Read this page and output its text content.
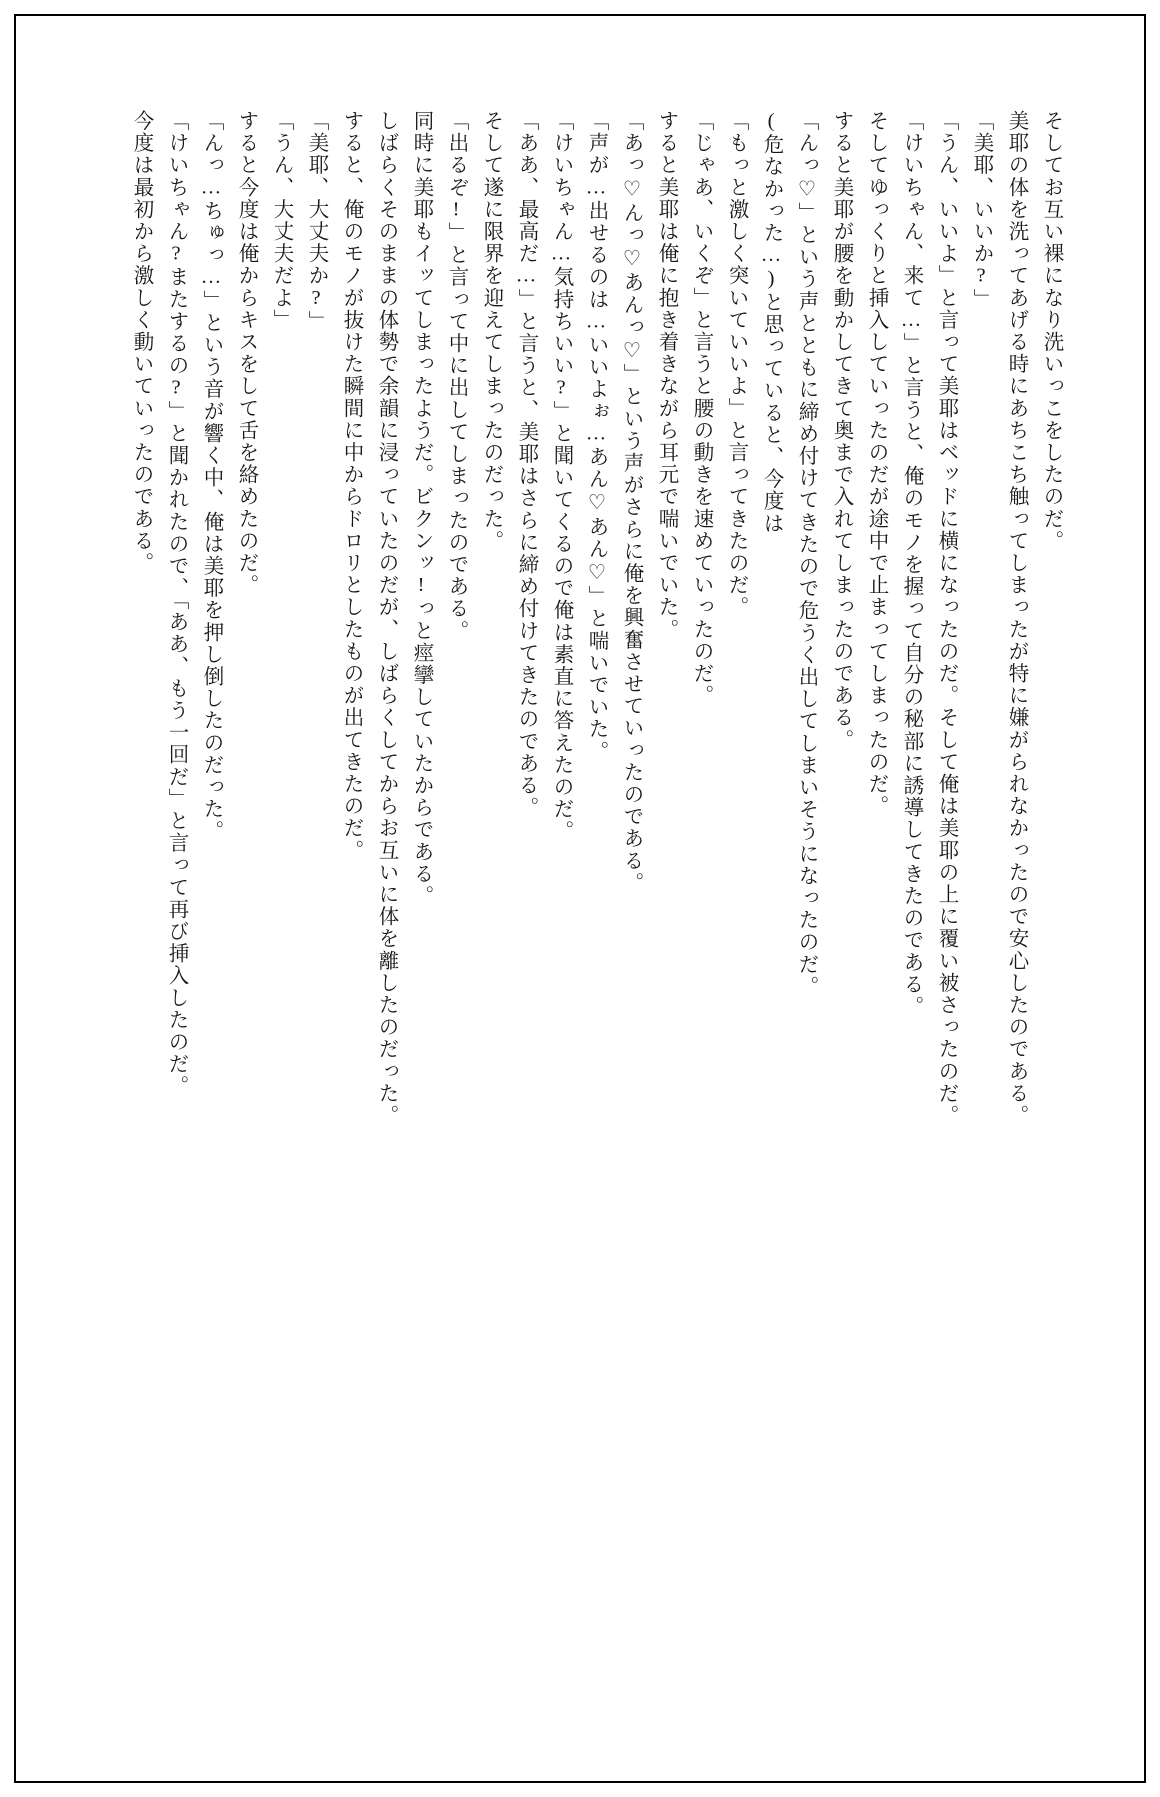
そしてお互い裸になり洗いっこをしたのだ。

美耶の体を洗ってあげる時にあちこち触ってしまったが特に嫌がられなかったので安心したのである。

「美耶、いいか?」

「うん、いいよ」と言って美耶はベッドに横になったのだ。そして俺は美耶の上に覆い被さったのだ。

「けいちゃん、来て…」と言うと、俺のモノを握って自分の秘部に誘導してきたのである。

そしてゆっくりと挿入していったのだが途中で止まってしまったのだ。

すると美耶が腰を動かしてきて奥まで入れてしまったのである。

「んっ♡」という声とともに締め付けてきたので危うく出してしまいそうになったのだ。

(危なかった…)と思っていると、今度は

「もっと激しく突いていいよ」と言ってきたのだ。

「じゃあ、いくぞ」と言うと腰の動きを速めていったのだ。

すると美耶は俺に抱き着きながら耳元で喘いでいた。

「あっ♡んっ♡あんっ♡」という声がさらに俺を興奮させていったのである。

「声が…出せるのは…いいよぉ…あん♡あん♡」と喘いでいた。

「けいちゃん…気持ちいい?」と聞いてくるので俺は素直に答えたのだ。

「ああ、最高だ…」と言うと、美耶はさらに締め付けてきたのである。

そして遂に限界を迎えてしまったのだった。

「出るぞ!」と言って中に出してしまったのである。

同時に美耶もイッてしまったようだ。ビクンッ!っと痙攣していたからである。

しばらくそのままの体勢で余韻に浸っていたのだが、しばらくしてからお互いに体を離したのだった。

すると、俺のモノが抜けた瞬間に中からドロリとしたものが出てきたのだ。

「美耶、大丈夫か?」

「うん、大丈夫だよ」

すると今度は俺からキスをして舌を絡めたのだ。

「んっ…ちゅっ…」という音が響く中、俺は美耶を押し倒したのだった。

「けいちゃん?またするの?」と聞かれたので、「ああ、もう一回だ」と言って再び挿入したのだ。

今度は最初から激しく動いていったのである。
